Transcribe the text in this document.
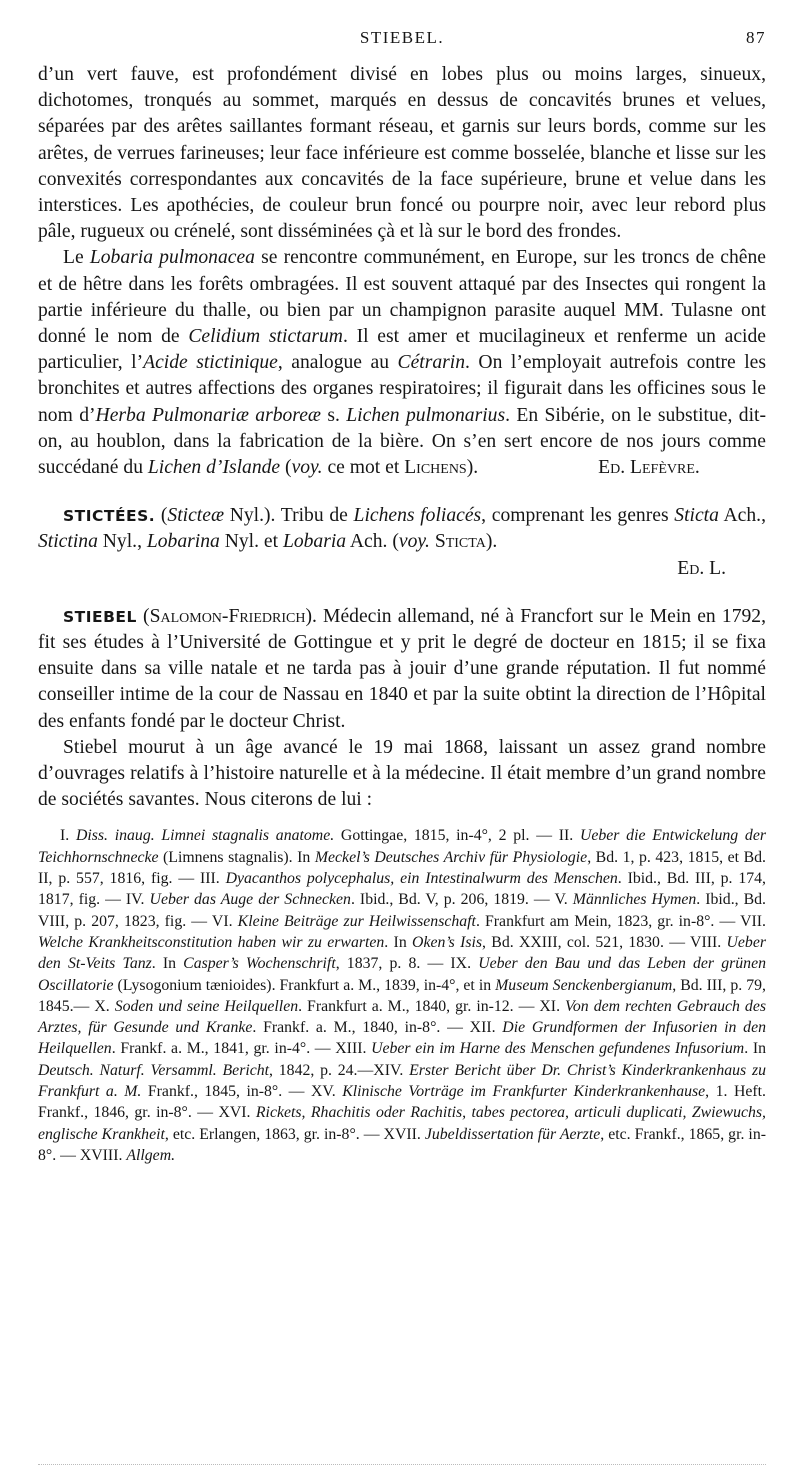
STIEBEL.	87

d’un vert fauve, est profondément divisé en lobes plus ou moins larges, sinueux, dichotomes, tronqués au sommet, marqués en dessus de concavités brunes et velues, séparées par des arêtes saillantes formant réseau, et garnis sur leurs bords, comme sur les arêtes, de verrues farineuses; leur face inférieure est comme bosselée, blanche et lisse sur les convexités correspondantes aux concavités de la face supérieure, brune et velue dans les interstices. Les apothécies, de couleur brun foncé ou pourpre noir, avec leur rebord plus pâle, rugueux ou crénelé, sont disséminées çà et là sur le bord des frondes.

Le Lobaria pulmonacea se rencontre communément, en Europe, sur les troncs de chêne et de hêtre dans les forêts ombragées. Il est souvent attaqué par des Insectes qui rongent la partie inférieure du thalle, ou bien par un champignon parasite auquel MM. Tulasne ont donné le nom de Celidium stictarum. Il est amer et mucilagineux et renferme un acide particulier, l’Acide stictinique, analogue au Cétrarin. On l’employait autrefois contre les bronchites et autres affections des organes respiratoires; il figurait dans les officines sous le nom d’Herba Pulmonariæ arboreæ s. Lichen pulmonarius. En Sibérie, on le substitue, dit-on, au houblon, dans la fabrication de la bière. On s’en sert encore de nos jours comme succédané du Lichen d’Islande (voy. ce mot et Lichens).	Ed. Lefèvre.

STICTÉES. (Sticteæ Nyl.). Tribu de Lichens foliacés, comprenant les genres Sticta Ach., Stictina Nyl., Lobarina Nyl. et Lobaria Ach. (voy. Sticta).

Ed. L.

STIEBEL (Salomon-Friedrich). Médecin allemand, né à Francfort sur le Mein en 1792, fit ses études à l’Université de Gottingue et y prit le degré de docteur en 1815; il se fixa ensuite dans sa ville natale et ne tarda pas à jouir d’une grande réputation. Il fut nommé conseiller intime de la cour de Nassau en 1840 et par la suite obtint la direction de l’Hôpital des enfants fondé par le docteur Christ.

Stiebel mourut à un âge avancé le 19 mai 1868, laissant un assez grand nombre d’ouvrages relatifs à l’histoire naturelle et à la médecine. Il était membre d’un grand nombre de sociétés savantes. Nous citerons de lui :

I. Diss. inaug. Limnei stagnalis anatome. Gottingae, 1815, in-4°, 2 pl. — II. Ueber die Entwickelung der Teichhornschnecke (Limnens stagnalis). In Meckel’s Deutsches Archiv für Physiologie, Bd. 1, p. 423, 1815, et Bd. II, p. 557, 1816, fig. — III. Dyacanthos polycephalus, ein Intestinalwurm des Menschen. Ibid., Bd. III, p. 174, 1817, fig. — IV. Ueber das Auge der Schnecken. Ibid., Bd. V, p. 206, 1819. — V. Männliches Hymen. Ibid., Bd. VIII, p. 207, 1823, fig. — VI. Kleine Beiträge zur Heilwissenschaft. Frankfurt am Mein, 1823, gr. in-8°. — VII. Welche Krankheitsconstitution haben wir zu erwarten. In Oken’s Isis, Bd. XXIII, col. 521, 1830. — VIII. Ueber den St-Veits Tanz. In Casper’s Wochenschrift, 1837, p. 8. — IX. Ueber den Bau und das Leben der grünen Oscillatorie (Lysogonium tænioides). Frankfurt a. M., 1839, in-4°, et in Museum Senckenbergianum, Bd. III, p. 79, 1845.— X. Soden und seine Heilquellen. Frankfurt a. M., 1840, gr. in-12. — XI. Von dem rechten Gebrauch des Arztes, für Gesunde und Kranke. Frankf. a. M., 1840, in-8°. — XII. Die Grundformen der Infusorien in den Heilquellen. Frankf. a. M., 1841, gr. in-4°. — XIII. Ueber ein im Harne des Menschen gefundenes Infusorium. In Deutsch. Naturf. Versamml. Bericht, 1842, p. 24.—XIV. Erster Bericht über Dr. Christ’s Kinderkrankenhaus zu Frankfurt a. M. Frankf., 1845, in-8°. — XV. Klinische Vorträge im Frankfurter Kinderkrankenhause, 1. Heft. Frankf., 1846, gr. in-8°. — XVI. Rickets, Rhachitis oder Rachitis, tabes pectorea, articuli duplicati, Zwiewuchs, englische Krankheit, etc. Erlangen, 1863, gr. in-8°. — XVII. Jubeldissertation für Aerzte, etc. Frankf., 1865, gr. in-8°. — XVIII. Allgem.
